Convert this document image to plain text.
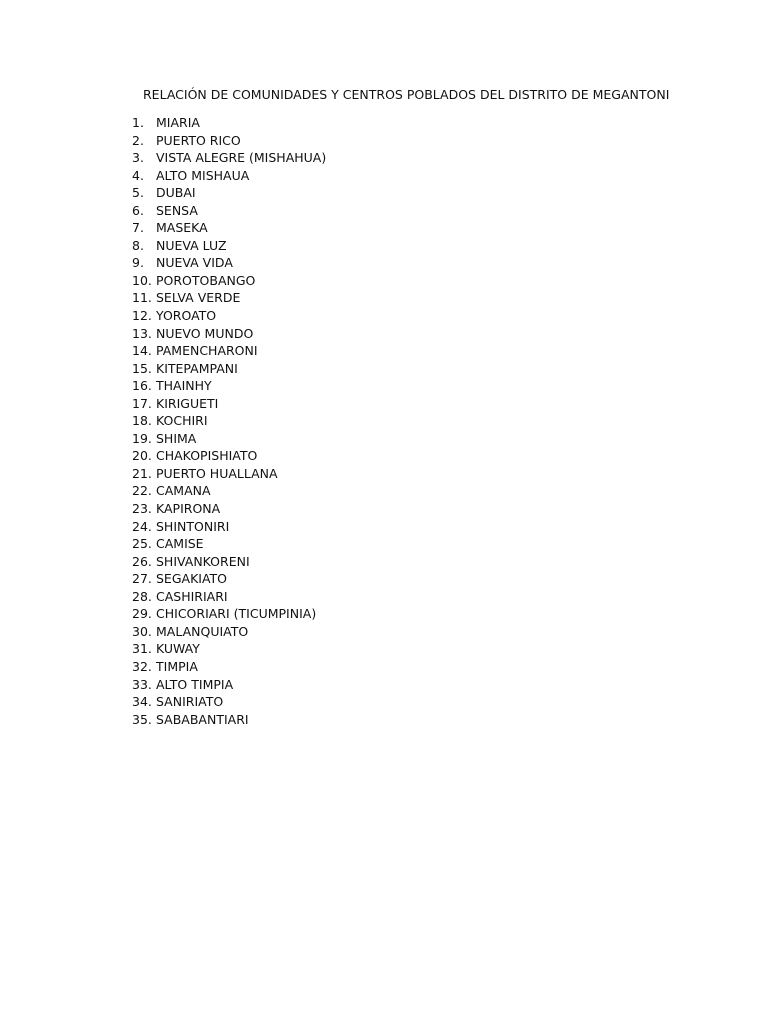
RELACIÓN DE COMUNIDADES Y CENTROS POBLADOS DEL DISTRITO DE MEGANTONI
1. MIARIA
2. PUERTO RICO
3. VISTA ALEGRE (MISHAHUA)
4. ALTO MISHAUA
5. DUBAI
6. SENSA
7. MASEKA
8. NUEVA LUZ
9. NUEVA VIDA
10. POROTOBANGO
11. SELVA VERDE
12. YOROATO
13. NUEVO MUNDO
14. PAMENCHARONI
15. KITEPAMPANI
16. THAINHY
17. KIRIGUETI
18. KOCHIRI
19. SHIMA
20. CHAKOPISHIATO
21. PUERTO HUALLANA
22. CAMANA
23. KAPIRONA
24. SHINTONIRI
25. CAMISE
26. SHIVANKORENI
27. SEGAKIATO
28. CASHIRIARI
29. CHICORIARI (TICUMPINIA)
30. MALANQUIATO
31. KUWAY
32. TIMPIA
33. ALTO TIMPIA
34. SANIRIATO
35. SABABANTIARI
